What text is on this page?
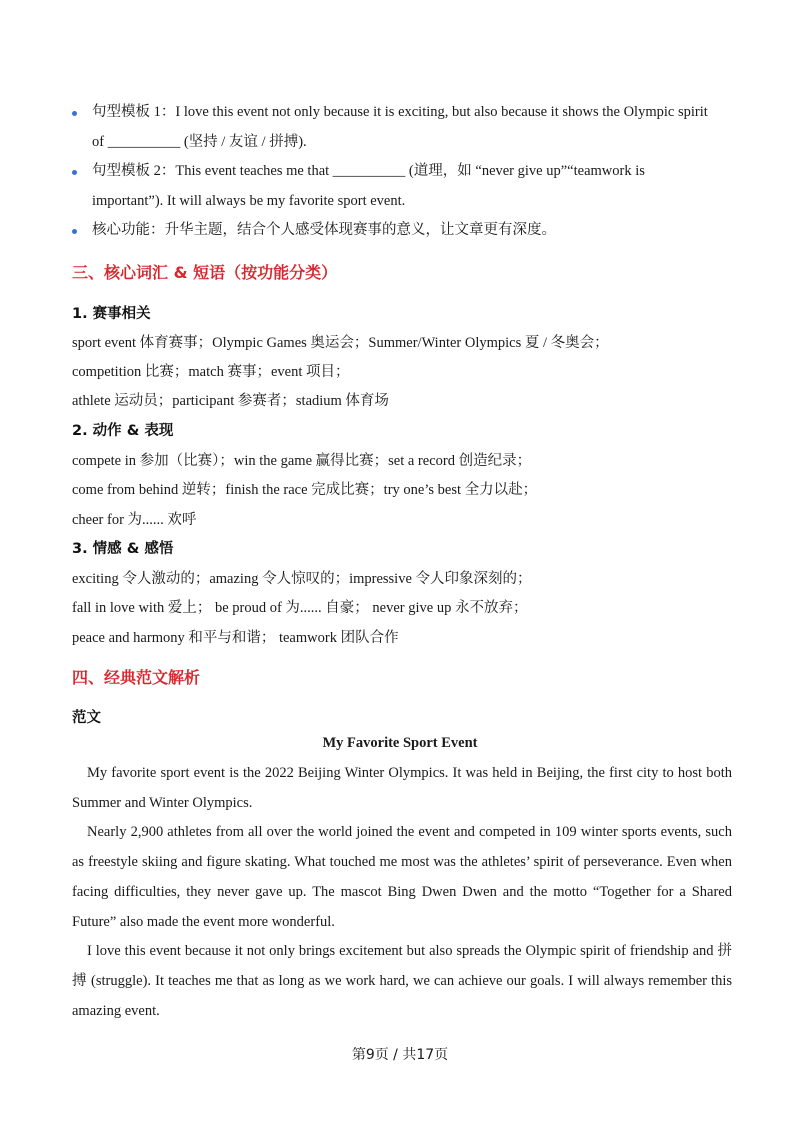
句型模板 1：I love this event not only because it is exciting, but also because it shows the Olympic spirit
of __________ (坚持 / 友谊 / 拼搏).
句型模板 2：This event teaches me that __________ (道理，如 “never give up”“teamwork is
important”). It will always be my favorite sport event.
核心功能：升华主题，结合个人感受体现赛事的意义，让文章更有深度。
三、核心词汇 & 短语（按功能分类）
1. 赛事相关
sport event 体育赛事；Olympic Games 奥运会；Summer/Winter Olympics 夏 / 冬奥会；
competition 比赛；match 赛事；event 项目；
athlete 运动员；participant 参赛者；stadium 体育场
2. 动作 & 表现
compete in 参加（比赛）；win the game 赢得比赛；set a record 创造纪录；
come from behind 逆转；finish the race 完成比赛；try one’s best 全力以赴；
cheer for 为...... 欢呼
3. 情感 & 感悟
exciting 令人激动的；amazing 令人惊叹的；impressive 令人印象深刻的；
fall in love with 爱上； be proud of 为...... 自豪； never give up 永不放弃；
peace and harmony 和平与和谐； teamwork 团队合作
四、经典范文解析
范文
My Favorite Sport Event

My favorite sport event is the 2022 Beijing Winter Olympics. It was held in Beijing, the first city to host both Summer and Winter Olympics.

Nearly 2,900 athletes from all over the world joined the event and competed in 109 winter sports events, such as freestyle skiing and figure skating. What touched me most was the athletes’ spirit of perseverance. Even when facing difficulties, they never gave up. The mascot Bing Dwen Dwen and the motto “Together for a Shared Future” also made the event more wonderful.

I love this event because it not only brings excitement but also spreads the Olympic spirit of friendship and 拼搏 (struggle). It teaches me that as long as we work hard, we can achieve our goals. I will always remember this amazing event.

第9页 / 共17页
